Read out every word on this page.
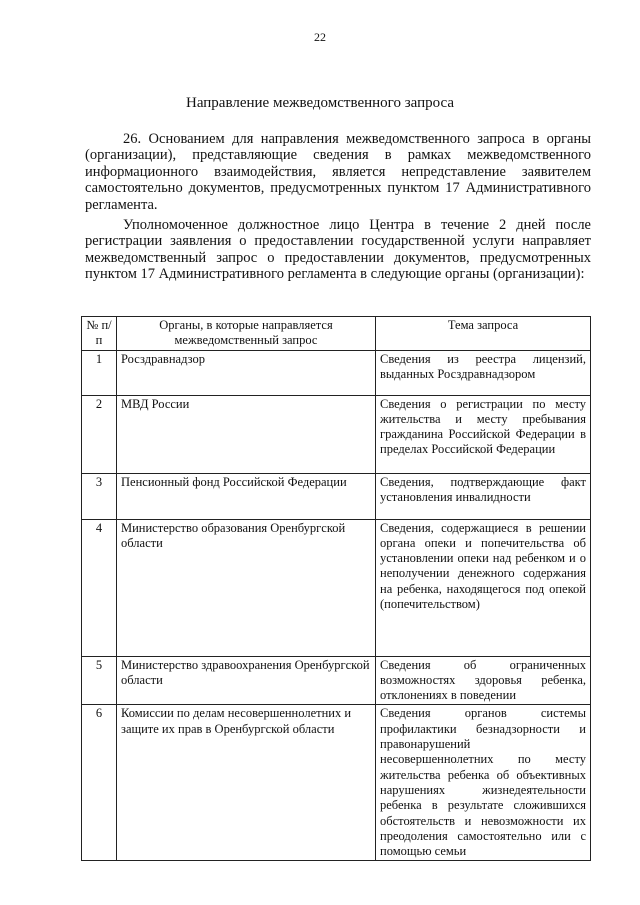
22
Направление межведомственного запроса

26. Основанием для направления межведомственного запроса в органы (организации), представляющие сведения в рамках межведомственного информационного взаимодействия, является непредставление заявителем самостоятельно документов, предусмотренных пунктом 17 Административного регламента.

Уполномоченное должностное лицо Центра в течение 2 дней после регистрации заявления о предоставлении государственной услуги направляет межведомственный запрос о предоставлении документов, предусмотренных пунктом 17 Административного регламента в следующие органы (организации):

№ п/п	Органы, в которые направляется межведомственный запрос	Тема запроса
1	Росздравнадзор	Сведения из реестра лицензий, выданных Росздравнадзором
2	МВД России	Сведения о регистрации по месту жительства и месту пребывания гражданина Российской Федерации в пределах Российской Федерации
3	Пенсионный фонд Российской Федерации	Сведения, подтверждающие факт установления инвалидности
4	Министерство образования Оренбургской области	Сведения, содержащиеся в решении органа опеки и попечительства об установлении опеки над ребенком и о неполучении денежного содержания на ребенка, находящегося под опекой (попечительством)
5	Министерство здравоохранения Оренбургской области	Сведения об ограниченных возможностях здоровья ребенка, отклонениях в поведении
6	Комиссии по делам несовершеннолетних и защите их прав в Оренбургской области	Сведения органов системы профилактики безнадзорности и правонарушений несовершеннолетних по месту жительства ребенка об объективных нарушениях жизнедеятельности ребенка в результате сложившихся обстоятельств и невозможности их преодоления самостоятельно или с помощью семьи
